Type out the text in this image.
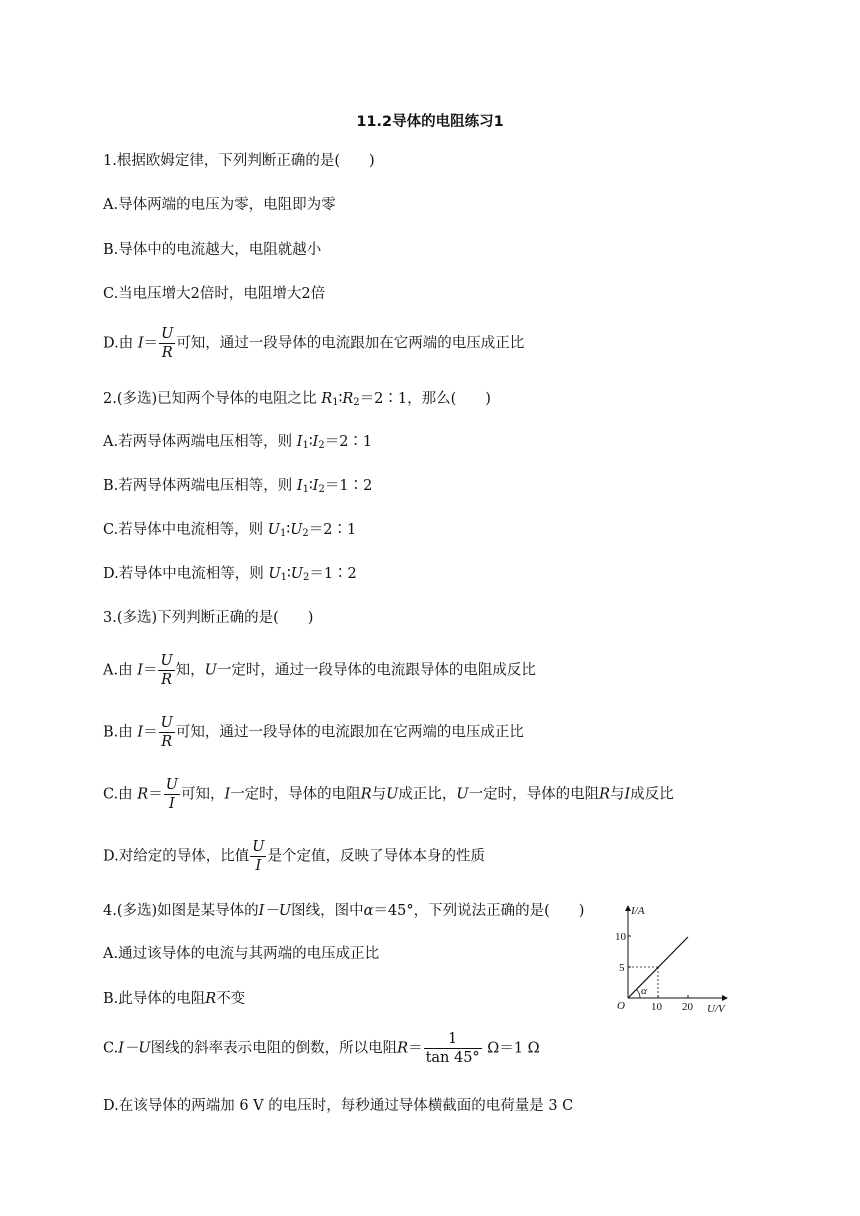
11.2导体的电阻练习1
1.根据欧姆定律，下列判断正确的是(　　)
A.导体两端的电压为零，电阻即为零
B.导体中的电流越大，电阻就越小
C.当电压增大2倍时，电阻增大2倍
D.由 $I= \frac{U}{R}$ 可知，通过一段导体的电流跟加在它两端的电压成正比
2.(多选)已知两个导体的电阻之比 $R_1∶R_2=2∶1$，那么(　　)
A.若两导体两端电压相等，则 $I_1∶I_2=2∶1$
B.若两导体两端电压相等，则 $I_1∶I_2=1∶2$
C.若导体中电流相等，则 $U_1∶U_2=2∶1$
D.若导体中电流相等，则 $U_1∶U_2=1∶2$
3.(多选)下列判断正确的是(　　)
A.由 $I= \frac{U}{R}$ 知，U一定时，通过一段导体的电流跟导体的电阻成反比
B.由 $I= \frac{U}{R}$ 可知，通过一段导体的电流跟加在它两端的电压成正比
C.由 $R= \frac{U}{I}$ 可知，I一定时，导体的电阻R与U成正比，U一定时，导体的电阻R与I成反比
D.对给定的导体，比值 $\frac{U}{I}$ 是个定值，反映了导体本身的性质
4.(多选)如图是某导体的I－U图线，图中α＝45°，下列说法正确的是(　　)
A.通过该导体的电流与其两端的电压成正比
B.此导体的电阻R不变
C.I－U图线的斜率表示电阻的倒数，所以电阻$R= \frac{1}{\tan 45^\circ} \Omega=1$ Ω
D.在该导体的两端加 6 V 的电压时，每秒通过导体横截面的电荷量是 3 C
I/A
U/V
O
10
5
10 20
α
